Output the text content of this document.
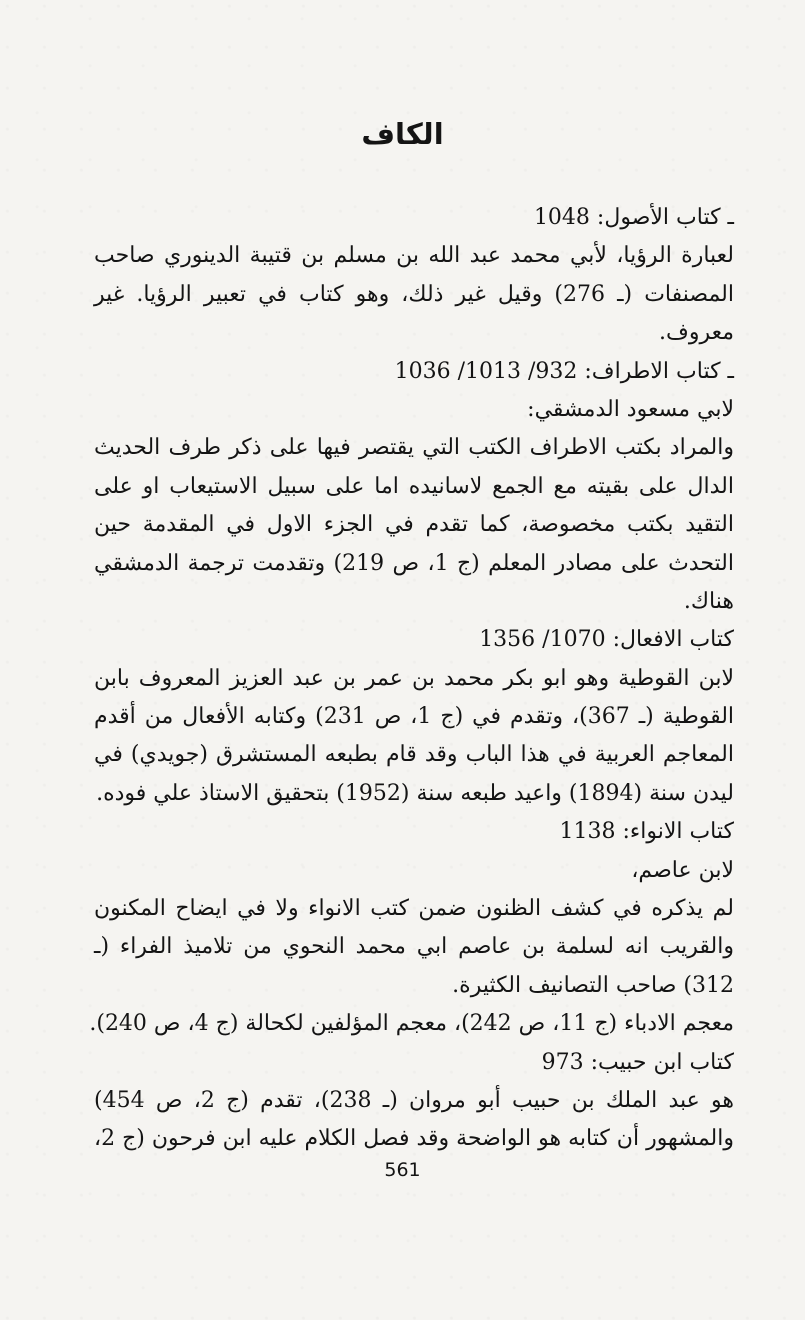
الكاف
ـ كتاب الأصول: 1048
لعبارة الرؤيا، لأبي محمد عبد الله بن مسلم بن قتيبة الدينوري صاحب
المصنفات (ـ 276) وقيل غير ذلك، وهو كتاب في تعبير الرؤيا. غير
معروف.
ـ كتاب الاطراف: 932/ 1013/ 1036
لابي مسعود الدمشقي:
والمراد بكتب الاطراف الكتب التي يقتصر فيها على ذكر طرف الحديث
الدال على بقيته مع الجمع لاسانيده اما على سبيل الاستيعاب او على
التقيد بكتب مخصوصة، كما تقدم في الجزء الاول في المقدمة حين
التحدث على مصادر المعلم (ج 1، ص 219) وتقدمت ترجمة الدمشقي
هناك.
كتاب الافعال: 1070/ 1356
لابن القوطية وهو ابو بكر محمد بن عمر بن عبد العزيز المعروف بابن
القوطية (ـ 367)، وتقدم في (ج 1، ص 231) وكتابه الأفعال من أقدم
المعاجم العربية في هذا الباب وقد قام بطبعه المستشرق (جويدي) في
ليدن سنة (1894) واعيد طبعه سنة (1952) بتحقيق الاستاذ علي فوده.
كتاب الانواء: 1138
لابن عاصم،
لم يذكره في كشف الظنون ضمن كتب الانواء ولا في ايضاح المكنون
والقريب انه لسلمة بن عاصم ابي محمد النحوي من تلاميذ الفراء (ـ
312) صاحب التصانيف الكثيرة.
معجم الادباء (ج 11، ص 242)، معجم المؤلفين لكحالة (ج 4، ص 240).
كتاب ابن حبيب: 973
هو عبد الملك بن حبيب أبو مروان (ـ 238)، تقدم (ج 2، ص 454)
والمشهور أن كتابه هو الواضحة وقد فصل الكلام عليه ابن فرحون (ج 2،
561
